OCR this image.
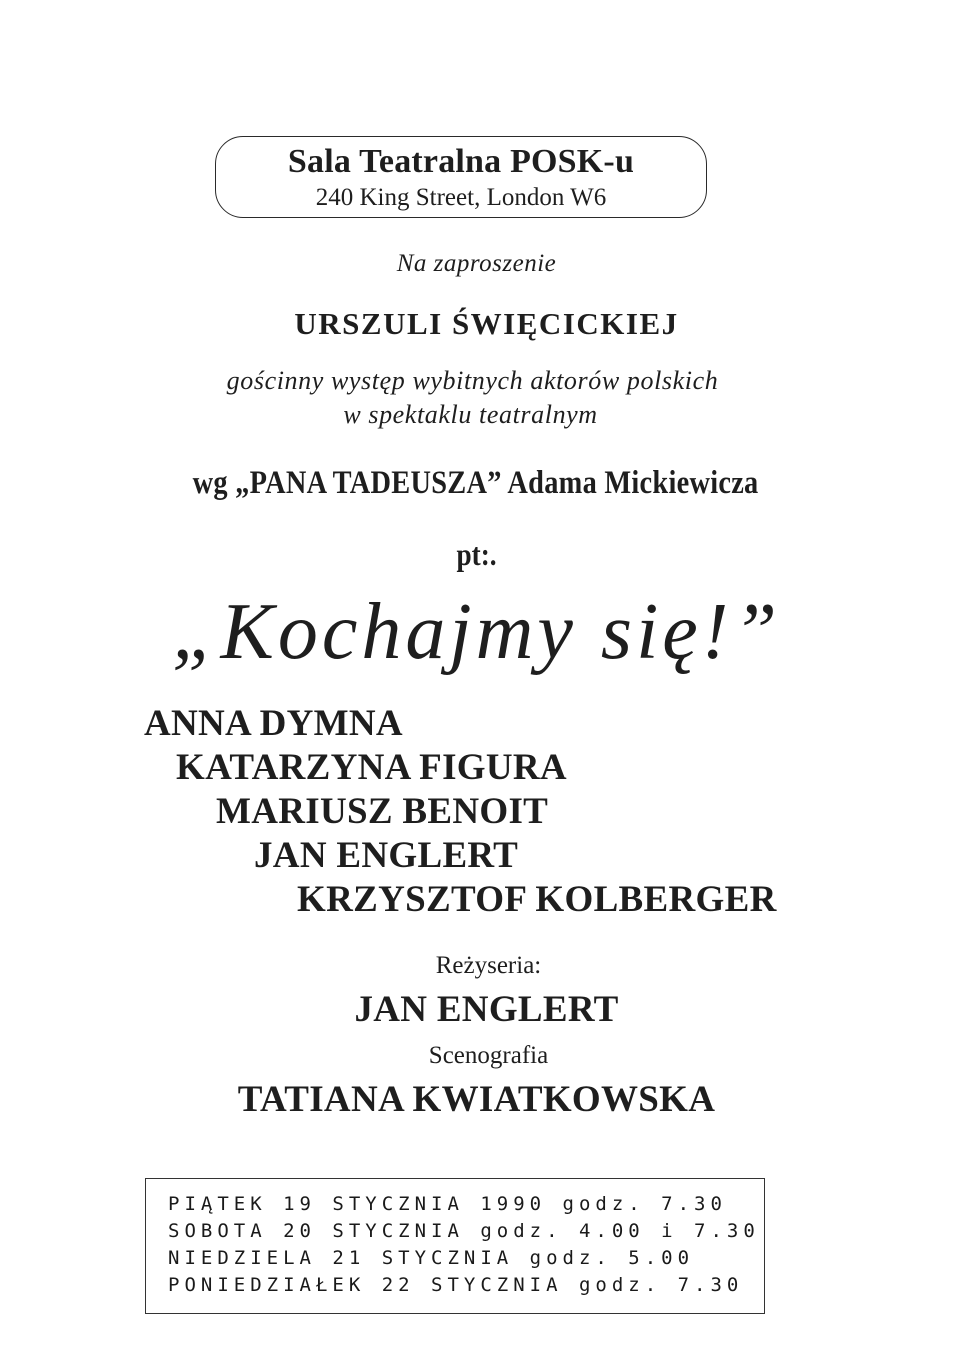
Sala Teatralna POSK-u
240 King Street, London W6
Na zaproszenie
URSZULI ŚWIĘCICKIEJ
gościnny występ wybitnych aktorów polskich
w spektaklu teatralnym
wg „PANA TADEUSZA” Adama Mickiewicza
pt:.
„Kochajmy się!”
ANNA DYMNA
KATARZYNA FIGURA
MARIUSZ BENOIT
JAN ENGLERT
KRZYSZTOF KOLBERGER
Reżyseria:
JAN ENGLERT
Scenografia
TATIANA KWIATKOWSKA
PIĄTEK 19 STYCZNIA 1990 godz. 7.30
SOBOTA 20 STYCZNIA godz. 4.00 i 7.30
NIEDZIELA 21 STYCZNIA godz. 5.00
PONIEDZIAŁEK 22 STYCZNIA godz. 7.30
